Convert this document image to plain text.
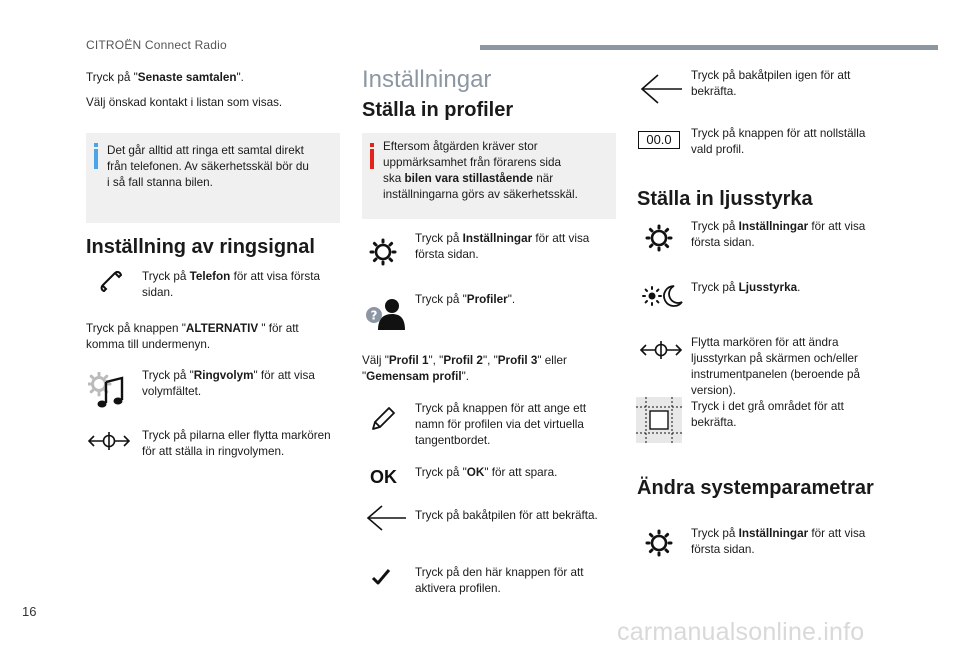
CITROËN Connect Radio
Tryck på "Senaste samtalen".
Välj önskad kontakt i listan som visas.
Det går alltid att ringa ett samtal direkt
från telefonen. Av säkerhetsskäl bör du
i så fall stanna bilen.
Inställning av ringsignal
Tryck på Telefon för att visa första
sidan.
Tryck på knappen "ALTERNATIV " för att
komma till undermenyn.
Tryck på "Ringvolym" för att visa
volymfältet.
Tryck på pilarna eller flytta markören
för att ställa in ringvolymen.
Inställningar
Ställa in profiler
Eftersom åtgärden kräver stor
uppmärksamhet från förarens sida
ska bilen vara stillastående när
inställningarna görs av säkerhetsskäl.
Tryck på Inställningar för att visa
första sidan.
?
Tryck på "Profiler".
Välj "Profil 1", "Profil 2", "Profil 3" eller
"Gemensam profil".
Tryck på knappen för att ange ett
namn för profilen via det virtuella
tangentbordet.
OK Tryck på "OK" för att spara.
Tryck på bakåtpilen för att bekräfta.
Tryck på den här knappen för att
aktivera profilen.
Tryck på bakåtpilen igen för att
bekräfta.
00.0	Tryck på knappen för att nollställa
vald profil.
Ställa in ljusstyrka
Tryck på Inställningar för att visa
första sidan.
Tryck på Ljusstyrka.
Flytta markören för att ändra
ljusstyrkan på skärmen och/eller
instrumentpanelen (beroende på
version).
Tryck i det grå området för att
bekräfta.
Ändra systemparametrar
Tryck på Inställningar för att visa
första sidan.
16
carmanualsonline.info
